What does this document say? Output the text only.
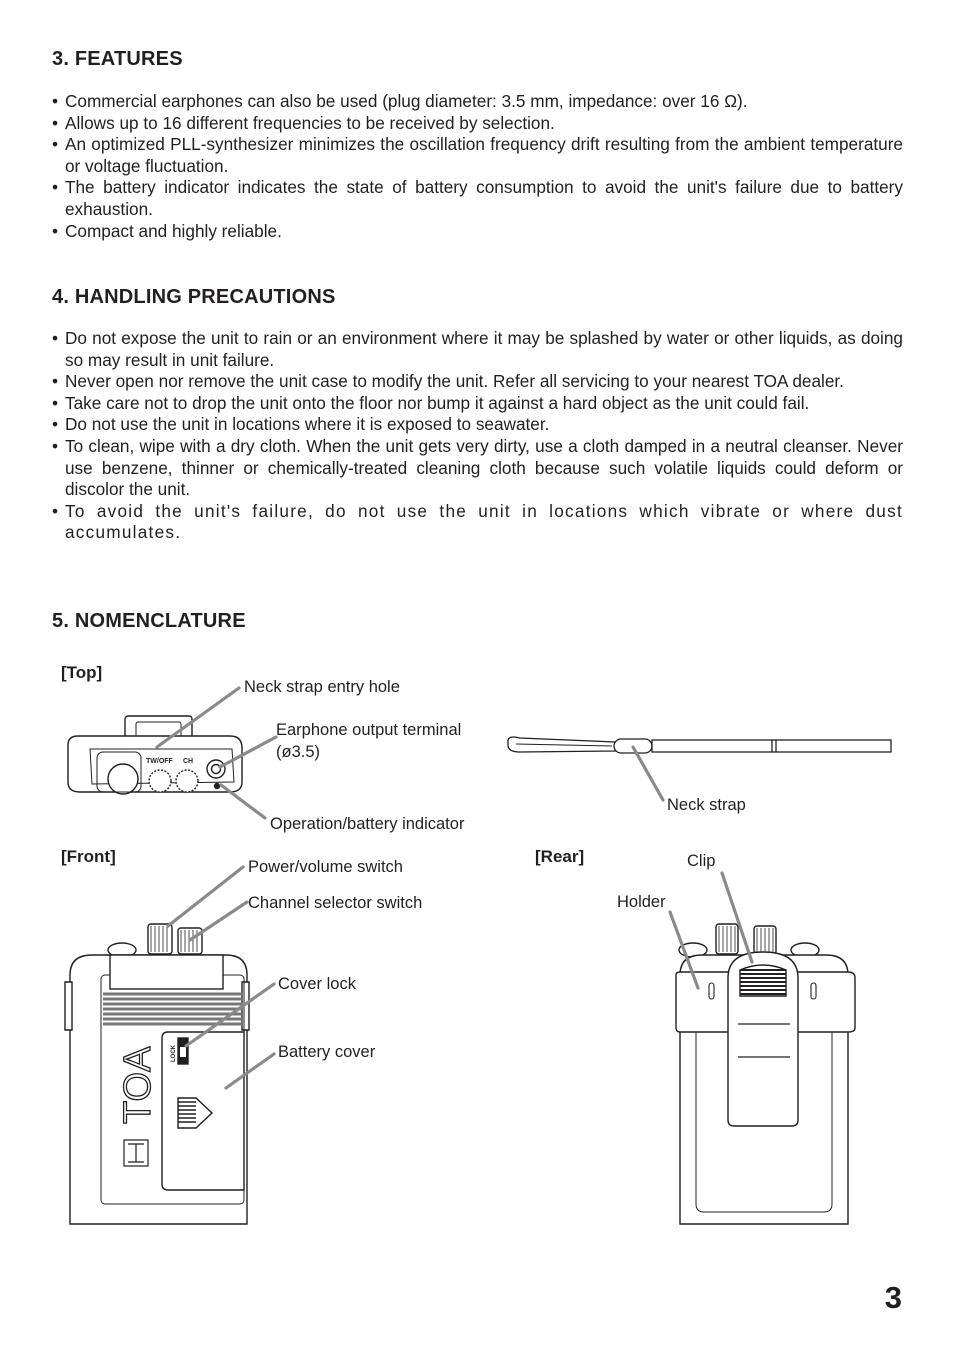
3. FEATURES
• Commercial earphones can also be used (plug diameter: 3.5 mm, impedance: over 16 Ω).
• Allows up to 16 different frequencies to be received by selection.
• An optimized PLL-synthesizer minimizes the oscillation frequency drift resulting from the ambient temperature or voltage fluctuation.
• The battery indicator indicates the state of battery consumption to avoid the unit's failure due to battery exhaustion.
• Compact and highly reliable.
4. HANDLING PRECAUTIONS
• Do not expose the unit to rain or an environment where it may be splashed by water or other liquids, as doing so may result in unit failure.
• Never open nor remove the unit case to modify the unit. Refer all servicing to your nearest TOA dealer.
• Take care not to drop the unit onto the floor nor bump it against a hard object as the unit could fail.
• Do not use the unit in locations where it is exposed to seawater.
• To clean, wipe with a dry cloth. When the unit gets very dirty, use a cloth damped in a neutral cleanser. Never use benzene, thinner or chemically-treated cleaning cloth because such volatile liquids could deform or discolor the unit.
• To avoid the unit's failure, do not use the unit in locations which vibrate or where dust accumulates.
5. NOMENCLATURE
[Top]
[Front]	[Rear]
TW/OFF CH
LOCK
TOA
Neck strap entry hole
Earphone output terminal
(ø3.5)
Operation/battery indicator
Neck strap
Power/volume switch
Channel selector switch
Cover lock
Battery cover
Clip
Holder
3
